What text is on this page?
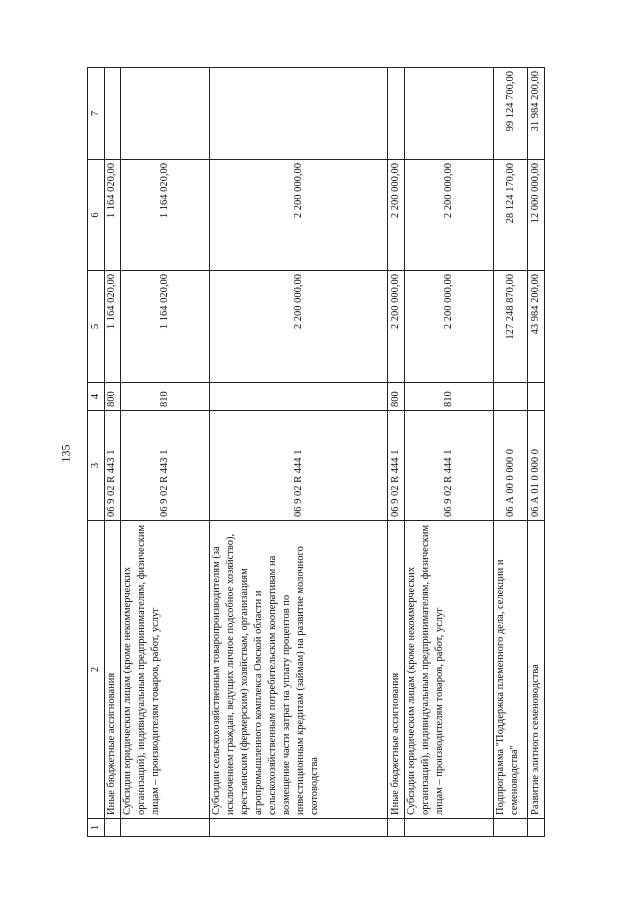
135
1	2	3	4	5	6	7
	Иные бюджетные ассигнования	06 9 02 R 443 1	800	1 164 020,00	1 164 020,00	
	Субсидии юридическим лицам (кроме некоммерческих организаций), индивидуальным предпринимателям, физическим лицам – производителям товаров, работ, услуг	06 9 02 R 443 1	810	1 164 020,00	1 164 020,00	
	Субсидии сельскохозяйственным товаропроизводителям (за исключением граждан, ведущих личное подсобное хозяйство), крестьянским (фермерским) хозяйствам, организациям агропромышленного комплекса Омской области и сельскохозяйственным потребительским кооперативам на возмещение части затрат на уплату процентов по инвестиционным кредитам (займам) на развитие молочного скотоводства	06 9 02 R 444 1		2 200 000,00	2 200 000,00	
	Иные бюджетные ассигнования	06 9 02 R 444 1	800	2 200 000,00	2 200 000,00	
	Субсидии юридическим лицам (кроме некоммерческих организаций), индивидуальным предпринимателям, физическим лицам – производителям товаров, работ, услуг	06 9 02 R 444 1	810	2 200 000,00	2 200 000,00	
	Подпрограмма "Поддержка племенного дела, селекции и семеноводства"	06 А 00 0 000 0		127 248 870,00	28 124 170,00	99 124 700,00
	Развитие элитного семеноводства	06 А 01 0 000 0		43 984 200,00	12 000 000,00	31 984 200,00
